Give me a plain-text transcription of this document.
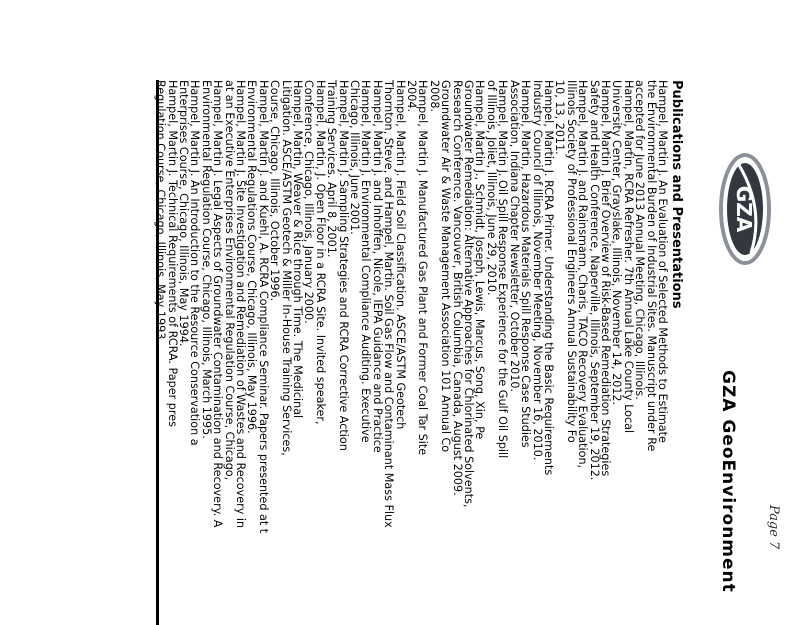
GZA
Publications and Presentations
Hampel, Martin J. An Evaluation of Selected Methods to Estimate
the Environmental Burden of Industrial Sites. Manuscript under Re
accepted for June 2013 Annual Meeting, Chicago, Illinois.
Hampel, Martin, RCRA Refresher. 7th Annual Lake County Local
University Center, Grayslake, Illinois, November 14, 2012.
Hampel, Martin J. Brief Overview of Risk-Based Remediation Strategies
Safety and Health Conference, Naperville, Illinois, September 19, 2012.
Hampel, Martin J. and Rainsmann, Charis, TACO Recovery Evaluation,
Illinois Society of Professional Engineers Annual Sustainability Fo
10, 13, 2011.
Hampel, Martin J. RCRA Primer. Understanding the Basic Requirements
Industry Council of Illinois, November Meeting, November 16, 2010.
Hampel, Martin, Hazardous Materials Spill Response Case Studies
Association, Indiana Chapter Newsletter, October 2010.
Hampel, Martin J. Oil Spill Response Experience for the Gulf Oil Spill
of Illinois, Joliet, Illinois, June 29, 2010.
Hampel, Martin J., Schmidt, Joseph, Lewis, Marcus, Song, Xin, Pe
Groundwater Remediation: Alternative Approaches for Chlorinated Solvents,
Research Conference. Vancouver, British Columbia, Canada, August 2009.
Groundwater Air & Waste Management Association 101 Annual Co
2008.
Hampel, Martin J. Manufactured Gas Plant and Former Coal Tar Site
2004.
Hampel, Martin J. Field Soil Classification. ASCE/ASTM Geotech
Thornton, Steve, and Hampel, Martin. Soil Gas Flow and Contaminant Mass Flux
Hampel, Martin J. and Inhoffen, Nicole, IEPA Guidance and Practice
Hampel, Martin J. Environmental Compliance Auditing. Executive
Chicago, Illinois, June 2001.
Hampel, Martin J. Sampling Strategies and RCRA Corrective Action
Training Services. April 8, 2001.
Hampel, Martin, J. Open Floor in a RCRA Site. Invited speaker,
Conference, Chicago, Illinois, January 2000.
Hampel, Martin, Weaver & Rice through Time. The Medicinal
Litigation. ASCE/ASTM Geotech & Miller In-House Training Services,
Course, Chicago, Illinois, October 1996.
Hampel, Martin J. and Kuehl, A. RCRA Compliance Seminar. Papers presented at t
Environmental Regulations Course, Chicago, Illinois, May 1996.
Hampel, Martin J. Site Investigation and Remediation of Wastes and Recovery in
at an Executive Enterprises Environmental Regulation Course, Chicago,
Hampel, Martin J. Legal Aspects of Groundwater Contamination and Recovery. A
Environmental Regulation Course, Chicago, Illinois, March 1995.
Hampel, Martin J. An Introduction to the Resource Conservation a
Enterprises Course, Chicago, Illinois, May 1994.
Hampel, Martin J. Technical Requirements of RCRA. Paper pres
Regulation Course, Chicago, Illinois, May 1993.
GZA GeoEnvironment Page 7
